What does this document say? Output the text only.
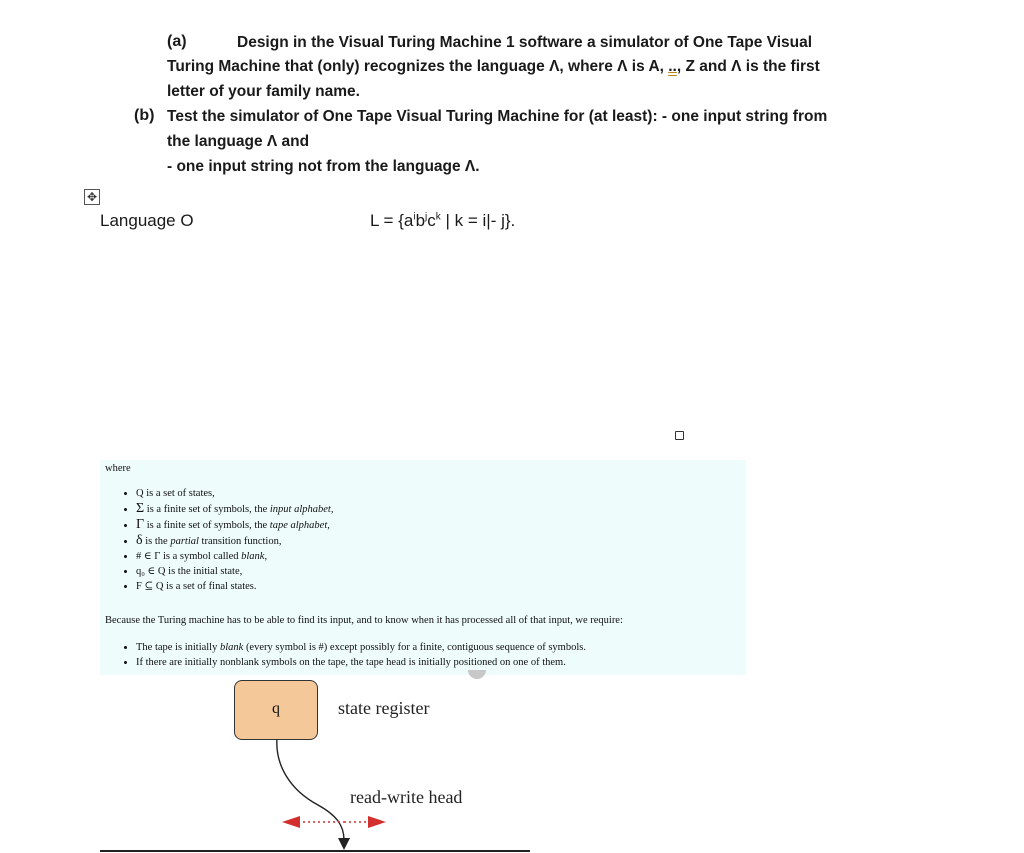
(a)	Design in the Visual Turing Machine 1 software a simulator of One Tape Visual
Turing Machine that (only) recognizes the language Λ, where Λ is A, .., Z and Λ is the first
letter of your family name.
(b) Test the simulator of One Tape Visual Turing Machine for (at least): - one input string from
the language Λ and
- one input string not from the language Λ.
✥
Language O	$L = \{a^ib^jc^k$ | k = i|- j}.
where
• Q is a set of states,
• Σ is a finite set of symbols, the input alphabet,
• Γ is a finite set of symbols, the tape alphabet,
• δ is the partial transition function,
• # ∈ Γ is a symbol called blank,
• q₀ ∈ Q is the initial state,
• F ⊆ Q is a set of final states.
Because the Turing machine has to be able to find its input, and to know when it has processed all of that input, we require:
• The tape is initially blank (every symbol is #) except possibly for a finite, contiguous sequence of symbols.
• If there are initially nonblank symbols on the tape, the tape head is initially positioned on one of them.
q	state register
read-write head
